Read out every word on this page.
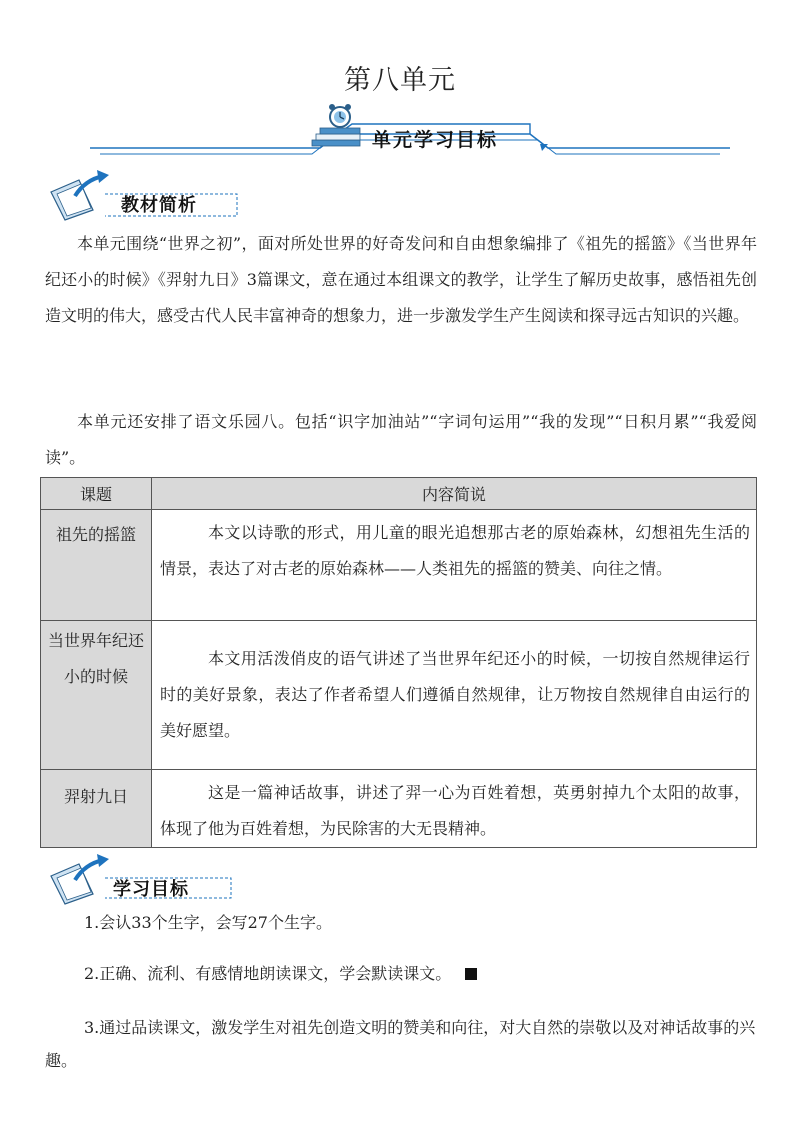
第八单元
单元学习目标
教材简析

本单元围绕“世界之初”，面对所处世界的好奇发问和自由想象编排了《祖先的摇篮》《当世界年纪还小的时候》《羿射九日》3篇课文，意在通过本组课文的教学，让学生了解历史故事，感悟祖先创造文明的伟大，感受古代人民丰富神奇的想象力，进一步激发学生产生阅读和探寻远古知识的兴趣。

本单元还安排了语文乐园八。包括“识字加油站”“字词句运用”“我的发现”“日积月累”“我爱阅读”。

课题	内容简说
祖先的摇篮	本文以诗歌的形式，用儿童的眼光追想那古老的原始森林，幻想祖先生活的情景，表达了对古老的原始森林——人类祖先的摇篮的赞美、向往之情。
当世界年纪还小的时候	本文用活泼俏皮的语气讲述了当世界年纪还小的时候，一切按自然规律运行时的美好景象，表达了作者希望人们遵循自然规律，让万物按自然规律自由运行的美好愿望。
羿射九日	这是一篇神话故事，讲述了羿一心为百姓着想，英勇射掉九个太阳的故事，体现了他为百姓着想，为民除害的大无畏精神。
学习目标

1.会认33个生字，会写27个生字。

2.正确、流利、有感情地朗读课文，学会默读课文。

3.通过品读课文，激发学生对祖先创造文明的赞美和向往，对大自然的崇敬以及对神话故事的兴趣。
